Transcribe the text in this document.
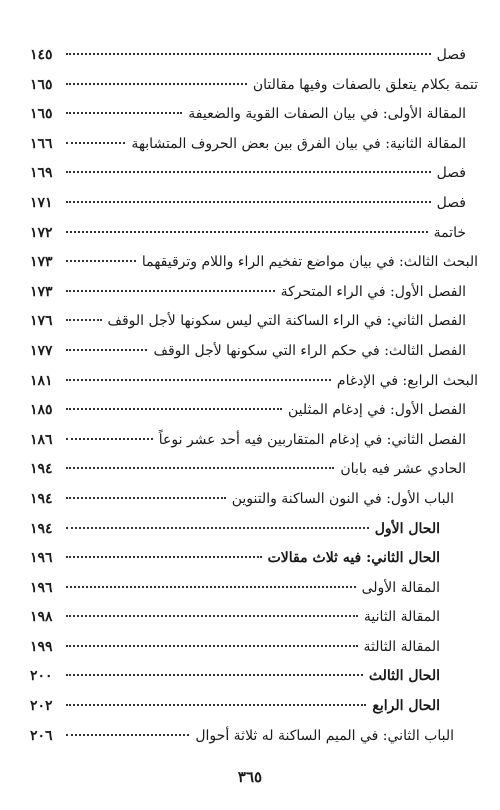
فصل
١٤٥
تتمة بكلام يتعلق بالصفات وفيها مقالتان
١٦٥
المقالة الأولى: في بيان الصفات القوية والضعيفة
١٦٥
المقالة الثانية: في بيان الفرق بين بعض الحروف المتشابهة
١٦٦
فصل
١٦٩
فصل
١٧١
خاتمة
١٧٢
البحث الثالث: في بيان مواضع تفخيم الراء واللام وترقيقهما
١٧٣
الفصل الأول: في الراء المتحركة
١٧٣
الفصل الثاني: في الراء الساكنة التي ليس سكونها لأجل الوقف
١٧٦
الفصل الثالث: في حكم الراء التي سكونها لأجل الوقف
١٧٧
البحث الرابع: في الإدغام
١٨١
الفصل الأول: في إدغام المثلين
١٨٥
الفصل الثاني: في إدغام المتقاربين فيه أحد عشر نوعاً
١٨٦
الحادي عشر فيه بابان
١٩٤
الباب الأول: في النون الساكنة والتنوين
١٩٤
الحال الأول
١٩٤
الحال الثاني: فيه ثلاث مقالات
١٩٦
المقالة الأولى
١٩٦
المقالة الثانية
١٩٨
المقالة الثالثة
١٩٩
الحال الثالث
٢٠٠
الحال الرابع
٢٠٢
الباب الثاني: في الميم الساكنة له ثلاثة أحوال
٢٠٦
٣٦٥
